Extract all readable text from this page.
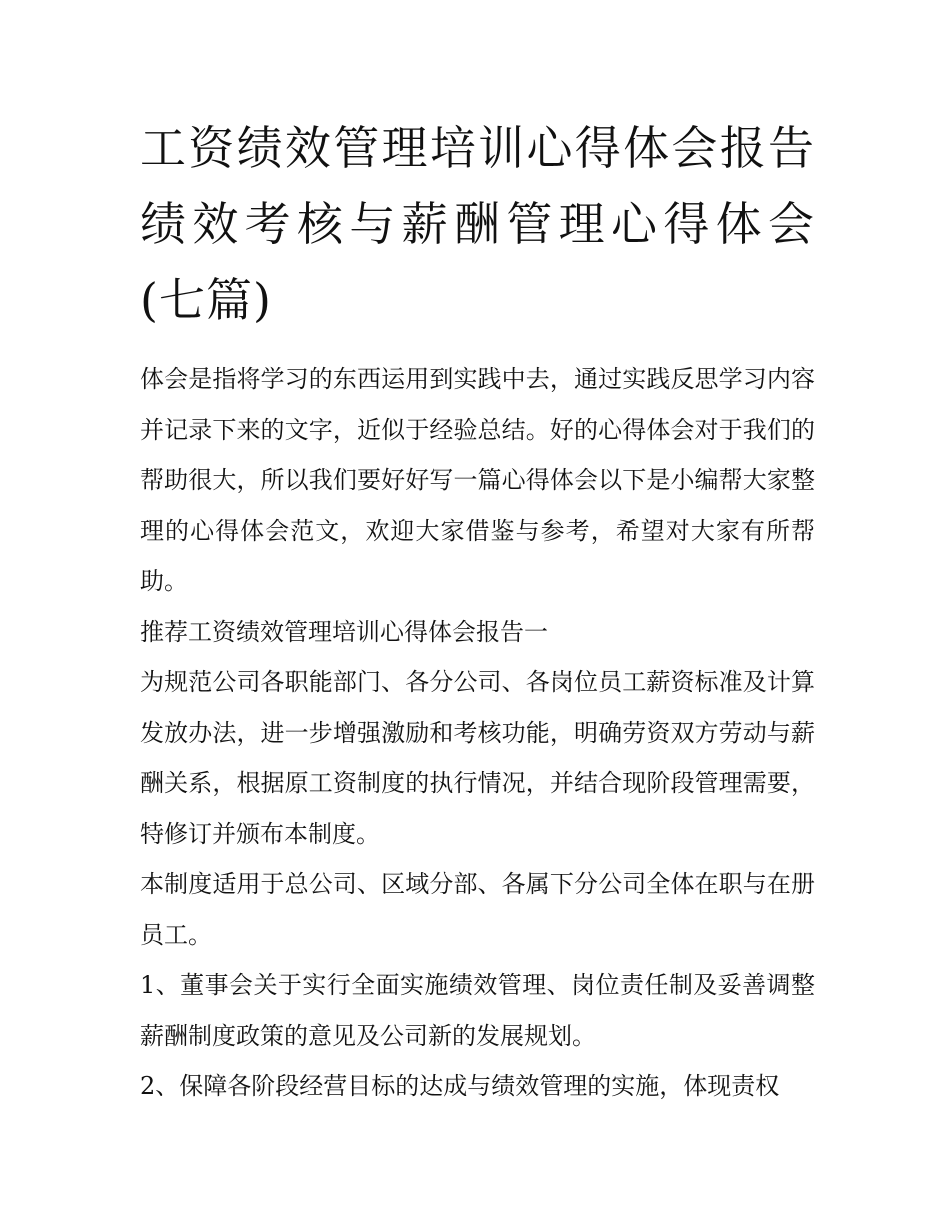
工资绩效管理培训心得体会报告 绩效考核与薪酬管理心得体会(七篇)

体会是指将学习的东西运用到实践中去，通过实践反思学习内容并记录下来的文字，近似于经验总结。好的心得体会对于我们的帮助很大，所以我们要好好写一篇心得体会以下是小编帮大家整理的心得体会范文，欢迎大家借鉴与参考，希望对大家有所帮助。

推荐工资绩效管理培训心得体会报告一

为规范公司各职能部门、各分公司、各岗位员工薪资标准及计算发放办法，进一步增强激励和考核功能，明确劳资双方劳动与薪酬关系，根据原工资制度的执行情况，并结合现阶段管理需要，特修订并颁布本制度。

本制度适用于总公司、区域分部、各属下分公司全体在职与在册员工。

1、董事会关于实行全面实施绩效管理、岗位责任制及妥善调整薪酬制度政策的意见及公司新的发展规划。

2、保障各阶段经营目标的达成与绩效管理的实施，体现责权
